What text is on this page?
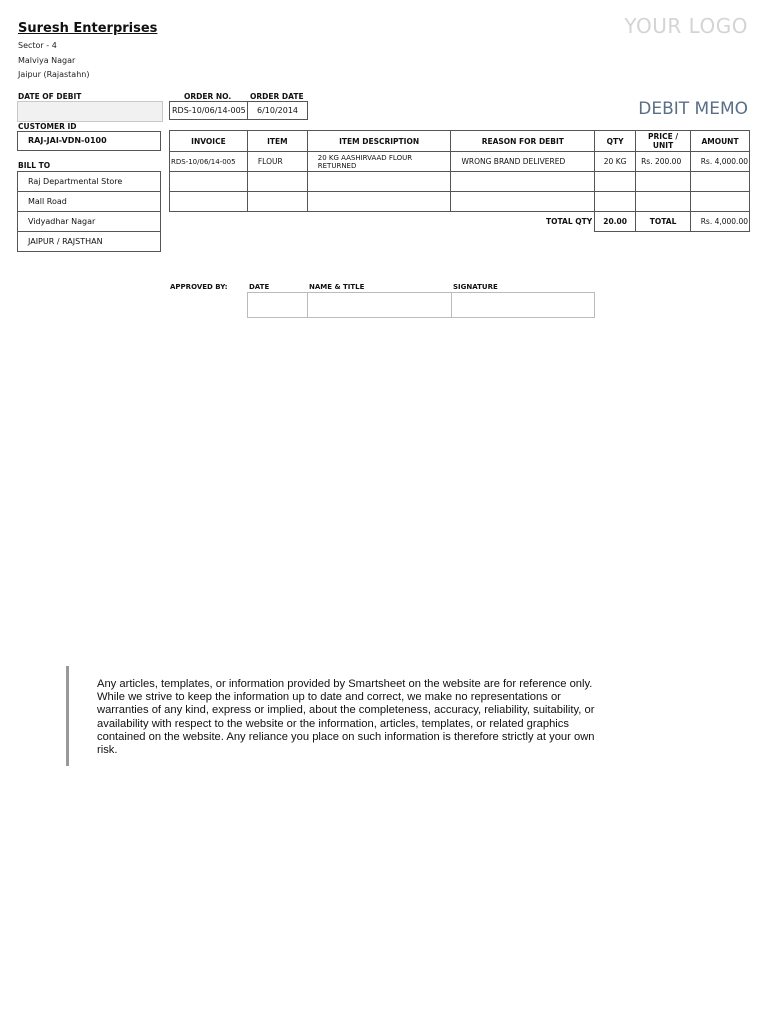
Suresh Enterprises
Sector - 4
Malviya Nagar
Jaipur (Rajastahn)
YOUR LOGO
DEBIT MEMO
DATE OF DEBIT	ORDER NO.	ORDER DATE
RDS-10/06/14-005	6/10/2014
CUSTOMER ID
RAJ-JAI-VDN-0100
BILL TO
Raj Departmental Store
Mall Road
Vidyadhar Nagar
JAIPUR / RAJSTHAN
INVOICE	ITEM	ITEM DESCRIPTION	REASON FOR DEBIT	QTY	PRICE / UNIT	AMOUNT
RDS-10/06/14-005	FLOUR	20 KG AASHIRVAAD FLOUR RETURNED	WRONG BRAND DELIVERED	20 KG	Rs. 200.00	Rs. 4,000.00

TOTAL QTY				20.00	TOTAL	Rs. 4,000.00
APPROVED BY:	DATE	NAME & TITLE	SIGNATURE
Any articles, templates, or information provided by Smartsheet on the website are for reference only. While we strive to keep the information up to date and correct, we make no representations or warranties of any kind, express or implied, about the completeness, accuracy, reliability, suitability, or availability with respect to the website or the information, articles, templates, or related graphics contained on the website. Any reliance you place on such information is therefore strictly at your own risk.
